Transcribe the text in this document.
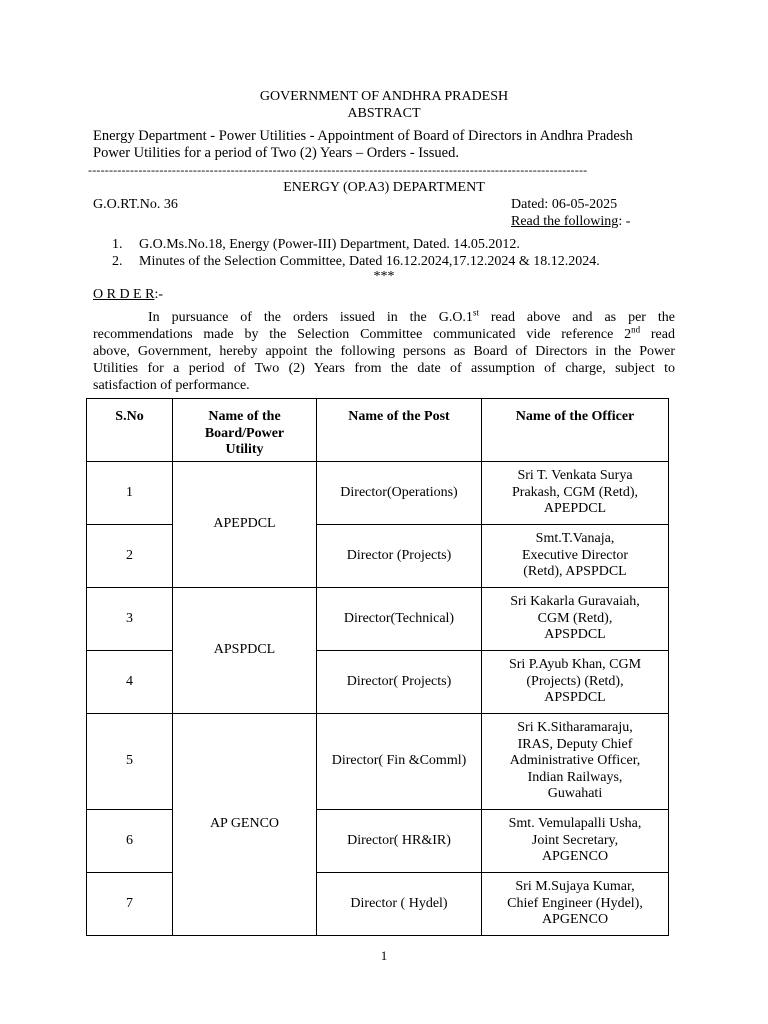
GOVERNMENT OF ANDHRA PRADESH
ABSTRACT
Energy Department - Power Utilities - Appointment of Board of Directors in Andhra Pradesh
Power Utilities for a period of Two (2) Years – Orders - Issued.
-----------------------------------------------------------------------------------------------------------------------
ENERGY (OP.A3) DEPARTMENT
G.O.RT.No. 36	Dated: 06-05-2025
Read the following: -
1. G.O.Ms.No.18, Energy (Power-III) Department, Dated. 14.05.2012.
2. Minutes of the Selection Committee, Dated 16.12.2024,17.12.2024 & 18.12.2024.
***
O R D E R:-
In pursuance of the orders issued in the G.O.1st read above and as per the
recommendations made by the Selection Committee communicated vide reference 2nd read
above, Government, hereby appoint the following persons as Board of Directors in the Power
Utilities for a period of Two (2) Years from the date of assumption of charge, subject to
satisfaction of performance.
S.No	Name of the
Board/Power
Utility	Name of the Post	Name of the Officer
1	APEPDCL	Director(Operations)	Sri T. Venkata Surya
Prakash, CGM (Retd),
APEPDCL

2		Director (Projects)	Smt.T.Vanaja,
Executive Director
(Retd), APSPDCL

3	APSPDCL	Director(Technical)	Sri Kakarla Guravaiah,
CGM (Retd),
APSPDCL

4		Director( Projects)	Sri P.Ayub Khan, CGM
(Projects) (Retd),
APSPDCL

5	AP GENCO	Director( Fin &Comml)	Sri K.Sitharamaraju,
IRAS, Deputy Chief
Administrative Officer,
Indian Railways,
Guwahati

6		Director( HR&IR)	Smt. Vemulapalli Usha,
Joint Secretary,
APGENCO

7		Director ( Hydel)	Sri M.Sujaya Kumar,
Chief Engineer (Hydel),
APGENCO
1
